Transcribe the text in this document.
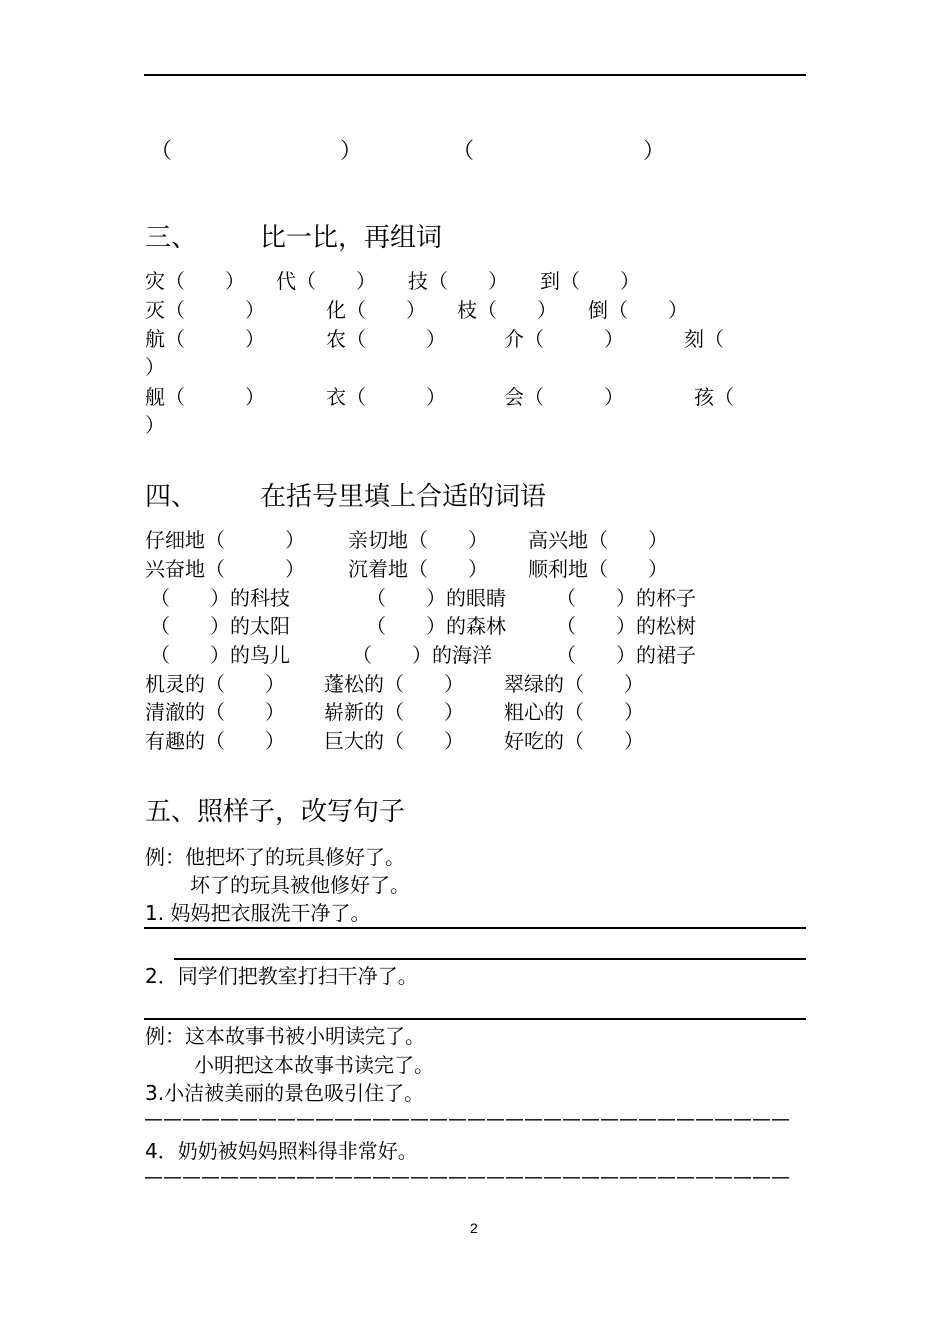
（	）	（	）
三、 比一比，再组词
灾（　　） 代（　　） 技（　　） 到（　　）
灭（　　　）	化（　　） 枝（　　） 倒（　　）
航（　　　）	农（　　　）	介（　　　）	刻（
）
舰（　　　）	衣（　　　）	会（　　　）	孩（
）
四、 在括号里填上合适的词语
仔细地（　　　） 亲切地（　　） 高兴地（　　）
兴奋地（　　　） 沉着地（　　） 顺利地（　　）
（　　）的科技	（　　）的眼睛	（　　）的杯子
（　　）的太阳	（　　）的森林	（　　）的松树
（　　）的鸟儿	（　　）的海洋	（　　）的裙子
机灵的（　　） 蓬松的（　　） 翠绿的（　　）
清澈的（　　） 崭新的（　　） 粗心的（　　）
有趣的（　　） 巨大的（　　） 好吃的（　　）
五、照样子，改写句子
例：他把坏了的玩具修好了。
坏了的玩具被他修好了。
1. 妈妈把衣服洗干净了。
2．同学们把教室打扫干净了。
例：这本故事书被小明读完了。
小明把这本故事书读完了。
3.小洁被美丽的景色吸引住了。
——————————————————————————————————
4．奶奶被妈妈照料得非常好。
——————————————————————————————————
2
